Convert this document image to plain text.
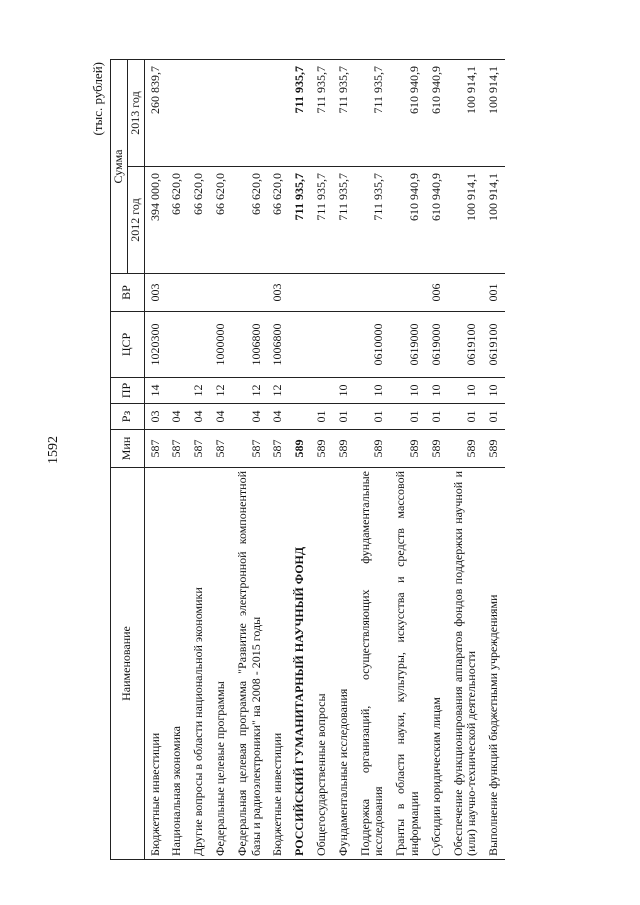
1592
(тыс. рублей)
Наименование	Мин	Рз	ПР	ЦСР	ВР	Сумма	
						2012 год	2013 год
Бюджетные инвестиции	587	03	14	1020300	003	394 000,0	260 839,7
Национальная экономика	587	04				66 620,0	
Другие вопросы в области национальной экономики	587	04	12			66 620,0	
Федеральные целевые программы	587	04	12	1000000		66 620,0	
Федеральная целевая программа "Развитие электронной компонентной базы и радиоэлектроники" на 2008 - 2015 годы	587	04	12	1006800		66 620,0	
Бюджетные инвестиции	587	04	12	1006800	003	66 620,0	
РОССИЙСКИЙ ГУМАНИТАРНЫЙ НАУЧНЫЙ ФОНД	589					711 935,7	711 935,7
Общегосударственные вопросы	589	01				711 935,7	711 935,7
Фундаментальные исследования	589	01	10			711 935,7	711 935,7
Поддержка организаций, осуществляющих фундаментальные исследования	589	01	10	0610000		711 935,7	711 935,7
Гранты в области науки, культуры, искусства и средств массовой информации	589	01	10	0619000		610 940,9	610 940,9
Субсидии юридическим лицам	589	01	10	0619000	006	610 940,9	610 940,9
Обеспечение функционирования аппаратов фондов поддержки научной и (или) научно-технической деятельности	589	01	10	0619100		100 914,1	100 914,1
Выполнение функций бюджетными учреждениями	589	01	10	0619100	001	100 914,1	100 914,1
